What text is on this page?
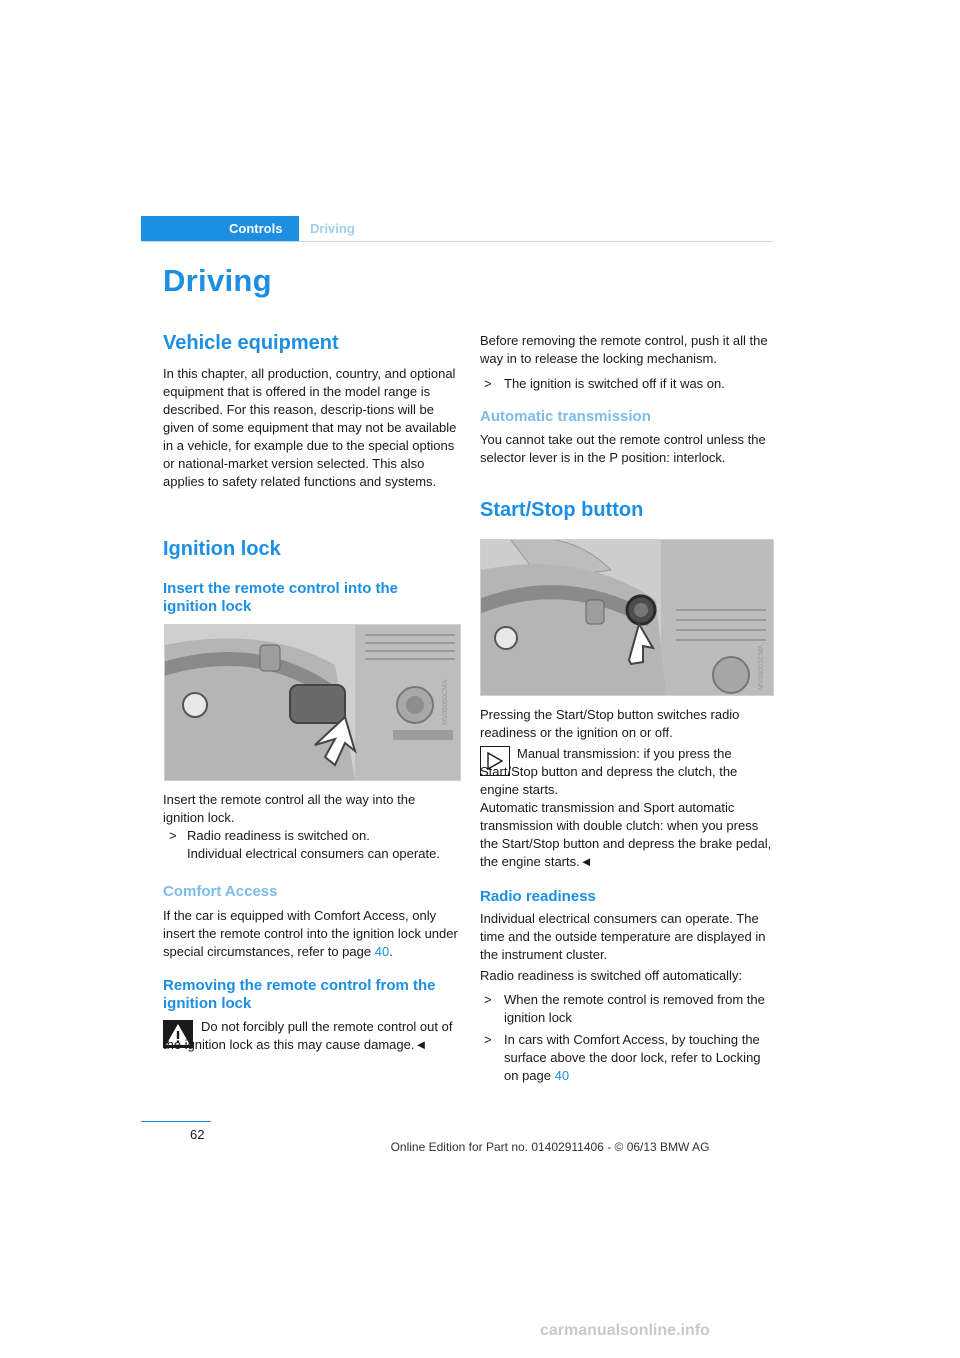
Controls Driving
Driving
Vehicle equipment

In this chapter, all production, country, and optional equipment that is offered in the model range is described. For this reason, descrip-tions will be given of some equipment that may not be available in a vehicle, for example due to the special options or national-market version selected. This also applies to safety related functions and systems.

Ignition lock
Insert the remote control into the ignition lock
MV06050CMA

Insert the remote control all the way into the ignition lock.

> Radio readiness is switched on.

Individual electrical consumers can operate.

Comfort Access

If the car is equipped with Comfort Access, only insert the remote control into the ignition lock under special circumstances, refer to page 40.

Removing the remote control from the ignition lock

Do not forcibly pull the remote control out of the ignition lock as this may cause damage.◄

Before removing the remote control, push it all the way in to release the locking mechanism.

> The ignition is switched off if it was on.

Automatic transmission

You cannot take out the remote control unless the selector lever is in the P position: interlock.

Start/Stop button
MV06051CMA

Pressing the Start/Stop button switches radio readiness or the ignition on or off.

Manual transmission: if you press the Start/Stop button and depress the clutch, the engine starts.

Automatic transmission and Sport automatic transmission with double clutch: when you press the Start/Stop button and depress the brake pedal, the engine starts.◄

Radio readiness

Individual electrical consumers can operate. The time and the outside temperature are displayed in the instrument cluster.

Radio readiness is switched off automatically:

> When the remote control is removed from the ignition lock

> In cars with Comfort Access, by touching the surface above the door lock, refer to Locking on page 40

62
Online Edition for Part no. 01402911406 - © 06/13 BMW AG
carmanualsonline.info
